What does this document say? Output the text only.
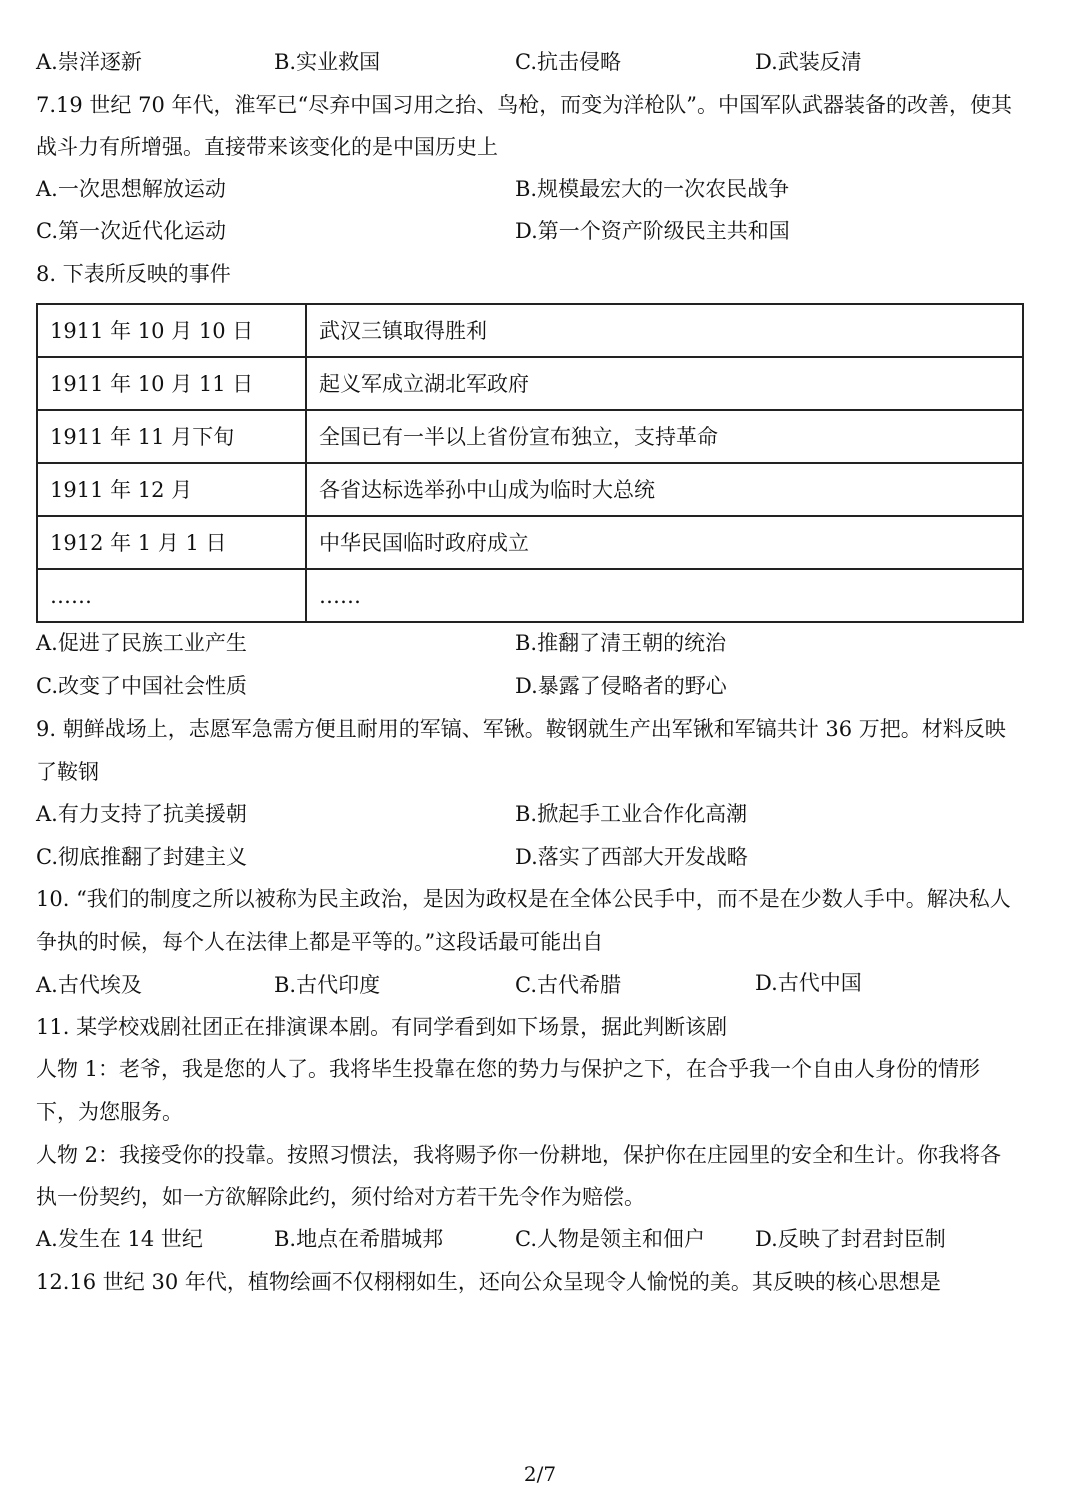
A.崇洋逐新	B.实业救国	C.抗击侵略	D.武装反清
7.19 世纪 70 年代，淮军已“尽弃中国习用之抬、鸟枪，而变为洋枪队”。中国军队武器装备的改善，使其
战斗力有所增强。直接带来该变化的是中国历史上
A.一次思想解放运动	B.规模最宏大的一次农民战争
C.第一次近代化运动	D.第一个资产阶级民主共和国
8. 下表所反映的事件
1911 年 10 月 10 日	武汉三镇取得胜利
1911 年 10 月 11 日	起义军成立湖北军政府
1911 年 11 月下旬	全国已有一半以上省份宣布独立，支持革命
1911 年 12 月	各省达标选举孙中山成为临时大总统
1912 年 1 月 1 日	中华民国临时政府成立
……	……
A.促进了民族工业产生	B.推翻了清王朝的统治
C.改变了中国社会性质	D.暴露了侵略者的野心
9. 朝鲜战场上，志愿军急需方便且耐用的军镐、军锹。鞍钢就生产出军锹和军镐共计 36 万把。材料反映
了鞍钢
A.有力支持了抗美援朝	B.掀起手工业合作化高潮
C.彻底推翻了封建主义	D.落实了西部大开发战略
10. “我们的制度之所以被称为民主政治，是因为政权是在全体公民手中，而不是在少数人手中。解决私人
争执的时候，每个人在法律上都是平等的。”这段话最可能出自
A.古代埃及	B.古代印度	C.古代希腊	D.古代中国
11. 某学校戏剧社团正在排演课本剧。有同学看到如下场景，据此判断该剧
人物 1：老爷，我是您的人了。我将毕生投靠在您的势力与保护之下，在合乎我一个自由人身份的情形
下，为您服务。
人物 2：我接受你的投靠。按照习惯法，我将赐予你一份耕地，保护你在庄园里的安全和生计。你我将各
执一份契约，如一方欲解除此约，须付给对方若干先令作为赔偿。
A.发生在 14 世纪	B.地点在希腊城邦	C.人物是领主和佃户 D.反映了封君封臣制
12.16 世纪 30 年代，植物绘画不仅栩栩如生，还向公众呈现令人愉悦的美。其反映的核心思想是
2/7
